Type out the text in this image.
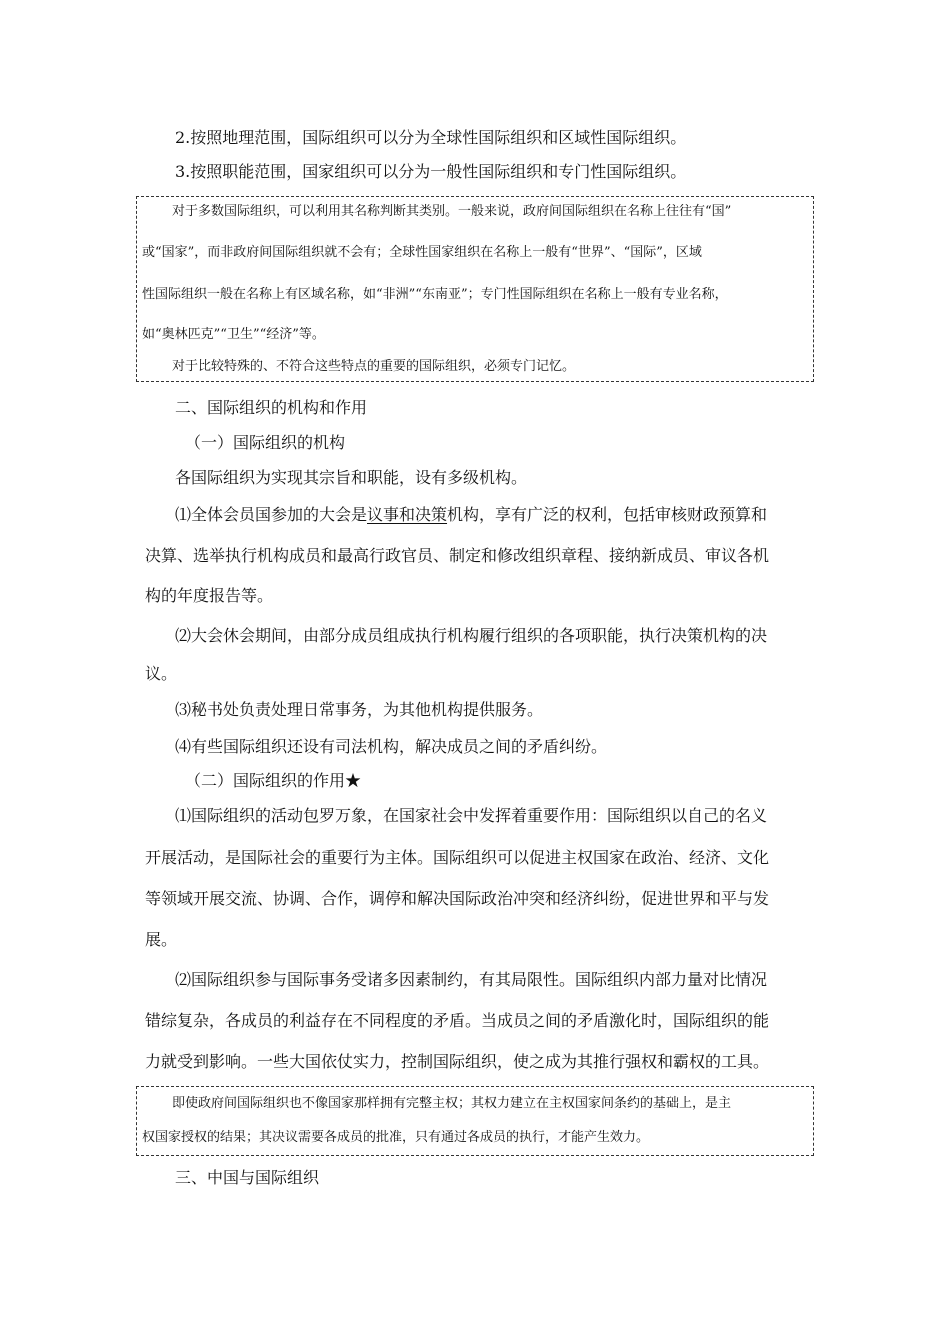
2.按照地理范围，国际组织可以分为全球性国际组织和区域性国际组织。
3.按照职能范围，国家组织可以分为一般性国际组织和专门性国际组织。
对于多数国际组织，可以利用其名称判断其类别。一般来说，政府间国际组织在名称上往往有“国”
或“国家”，而非政府间国际组织就不会有；全球性国家组织在名称上一般有“世界”、“国际”，区域
性国际组织一般在名称上有区域名称，如“非洲”“东南亚”；专门性国际组织在名称上一般有专业名称，
如“奥林匹克”“卫生”“经济”等。
对于比较特殊的、不符合这些特点的重要的国际组织，必须专门记忆。
二、国际组织的机构和作用
（一）国际组织的机构
各国际组织为实现其宗旨和职能，设有多级机构。
⑴全体会员国参加的大会是议事和决策机构，享有广泛的权利，包括审核财政预算和
决算、选举执行机构成员和最高行政官员、制定和修改组织章程、接纳新成员、审议各机
构的年度报告等。
⑵大会休会期间，由部分成员组成执行机构履行组织的各项职能，执行决策机构的决
议。
⑶秘书处负责处理日常事务，为其他机构提供服务。
⑷有些国际组织还设有司法机构，解决成员之间的矛盾纠纷。
（二）国际组织的作用★
⑴国际组织的活动包罗万象，在国家社会中发挥着重要作用：国际组织以自己的名义
开展活动，是国际社会的重要行为主体。国际组织可以促进主权国家在政治、经济、文化
等领域开展交流、协调、合作，调停和解决国际政治冲突和经济纠纷，促进世界和平与发
展。
⑵国际组织参与国际事务受诸多因素制约，有其局限性。国际组织内部力量对比情况
错综复杂，各成员的利益存在不同程度的矛盾。当成员之间的矛盾激化时，国际组织的能
力就受到影响。一些大国依仗实力，控制国际组织，使之成为其推行强权和霸权的工具。
即使政府间国际组织也不像国家那样拥有完整主权；其权力建立在主权国家间条约的基础上，是主
权国家授权的结果；其决议需要各成员的批准，只有通过各成员的执行，才能产生效力。
三、中国与国际组织
